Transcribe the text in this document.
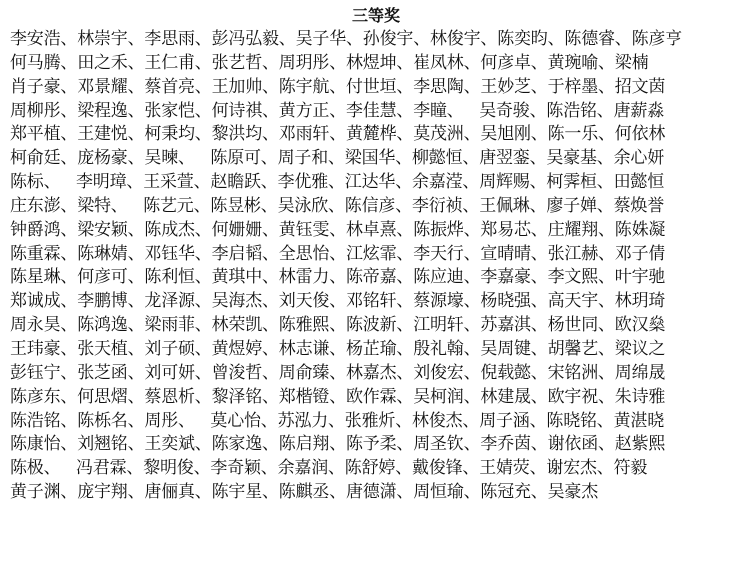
三等奖
李安浩、林崇宇、李思雨、彭冯弘毅、吴子华、孙俊宇、林俊宇、陈奕昀、陈德睿、陈彦亨
何马腾、田之禾、王仁甫、张艺哲、周玥彤、林煜坤、崔凤林、何彦卓、黄琬喻、梁楠
肖子豪、邓景耀、蔡首亮、王加帅、陈宇航、付世垣、李思陶、王妙芝、于梓墨、招文茵
周柳彤、梁程逸、张家恺、何诗祺、黄方正、李佳慧、李瞳、   吴奇骏、陈浩铭、唐薪淼
郑平植、王建悦、柯秉均、黎洪均、邓雨轩、黄麓桦、莫茂洲、吴旭刚、陈一乐、何依林
柯俞廷、庞杨豪、吴暕、   陈原可、周子和、梁国华、柳懿恒、唐翌銮、吴豪基、余心妍
陈标、   李明璋、王采萱、赵瞻跃、李优雅、江达华、余嘉滢、周辉赐、柯霁桓、田懿恒
庄东澎、梁特、   陈艺元、陈昱彬、吴泳欣、陈信彦、李衍祯、王佩琳、廖子婵、蔡焕誉
钟爵鸿、梁安颖、陈成杰、何姗姗、黄钰雯、林卓熹、陈振烨、郑易芯、庄耀翔、陈姝凝
陈重霖、陈琳婧、邓钰华、李启韬、全思怡、江炫霏、李天行、宣晴晴、张江赫、邓子倩
陈星琳、何彦可、陈利恒、黄琪中、林雷力、陈帝嘉、陈应迪、李嘉豪、李文熙、叶宇驰
郑诚成、李鹏博、龙泽源、吴海杰、刘天俊、邓铭轩、蔡源壕、杨晓强、高天宇、林玥琦
周永昊、陈鸿逸、梁雨菲、林荣凯、陈雅熙、陈波新、江明轩、苏嘉淇、杨世同、欧汉燊
王玮豪、张天植、刘子硕、黄煜婷、林志谦、杨芷瑜、殷礼翰、吴周键、胡馨艺、梁议之
彭钰宁、张芝函、刘可妍、曾浚哲、周俞臻、林嘉杰、刘俊宏、倪载懿、宋铭洲、周绵晟
陈彦东、何思熠、蔡恩析、黎泽铭、郑楷镫、欧作霖、吴柯润、林建晟、欧宇祝、朱诗雅
陈浩铭、陈栎名、周彤、   莫心怡、苏泓力、张雅炘、林俊杰、周子涵、陈晓铭、黄湛晓
陈康怡、刘翘铭、王奕斌、陈家逸、陈启翔、陈予柔、周圣钦、李乔茵、谢依函、赵紫熙
陈极、   冯君霖、黎明俊、李奇颖、余嘉润、陈舒婷、戴俊锋、王婧荧、谢宏杰、符毅
黄子渊、庞宇翔、唐俪真、陈宇星、陈麒丞、唐德潇、周恒瑜、陈冠充、吴豪杰
